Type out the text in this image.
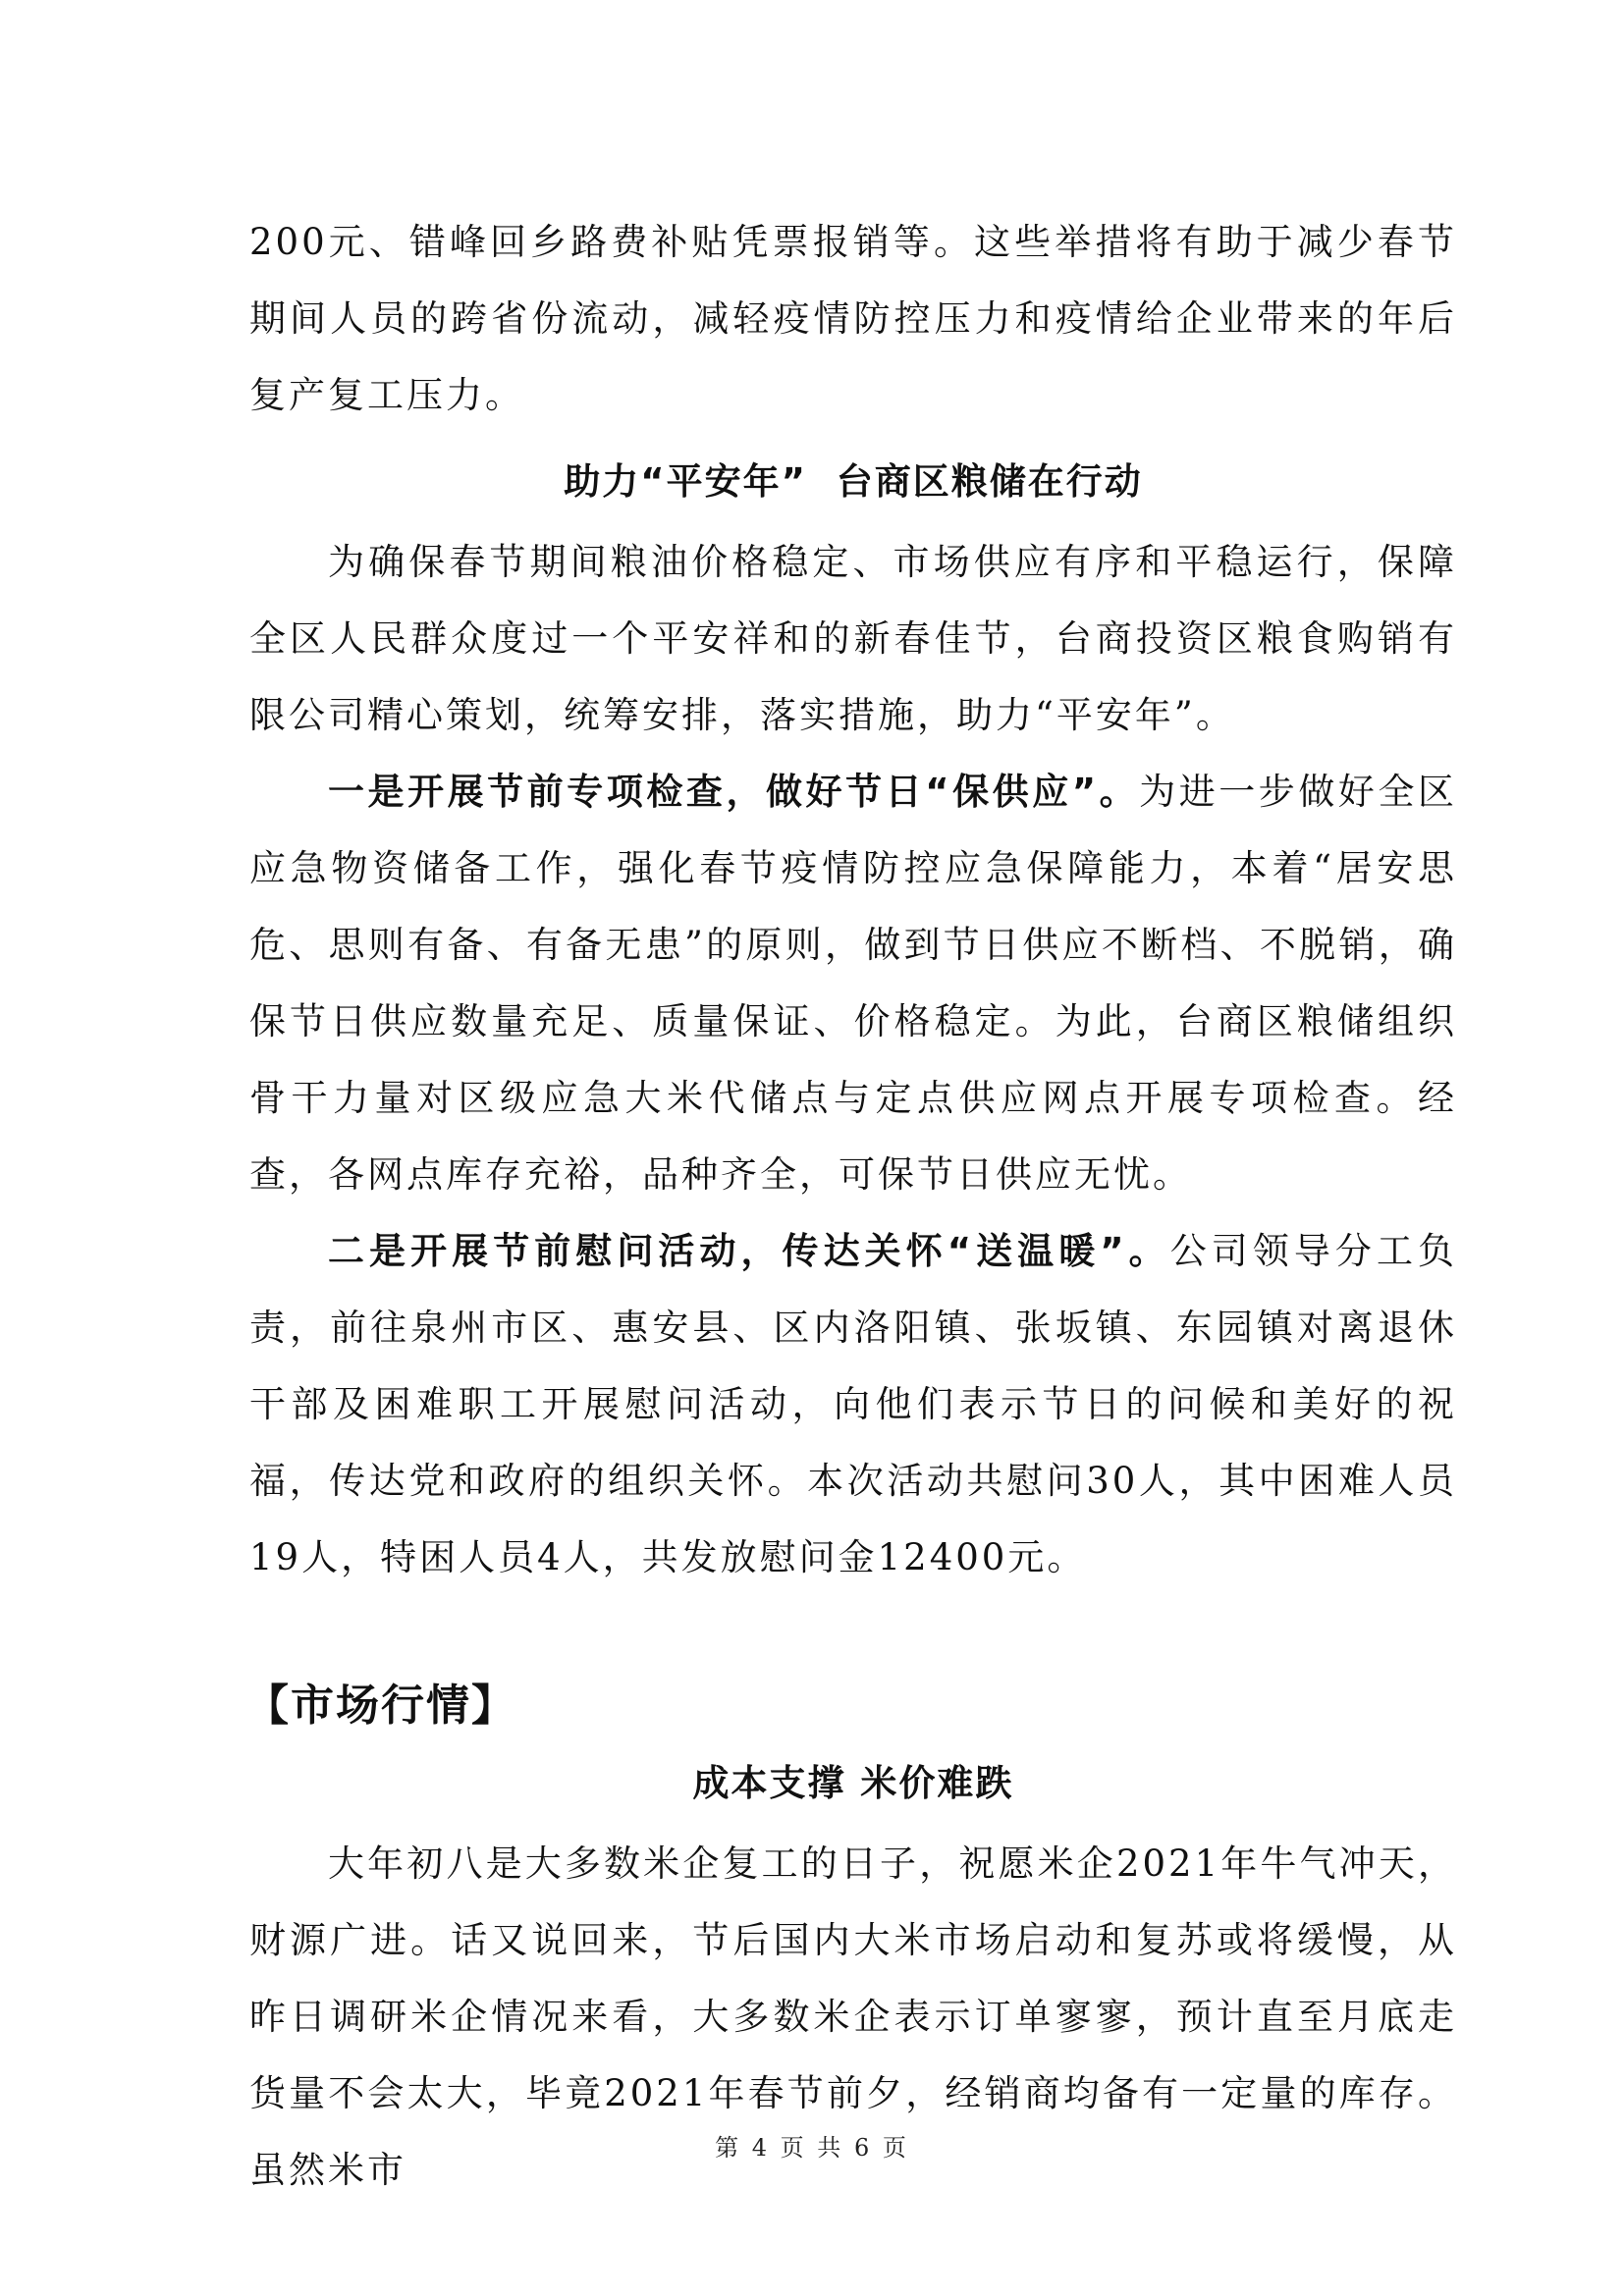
200元、错峰回乡路费补贴凭票报销等。这些举措将有助于减少春节期间人员的跨省份流动，减轻疫情防控压力和疫情给企业带来的年后复产复工压力。

助力“平安年”  台商区粮储在行动

为确保春节期间粮油价格稳定、市场供应有序和平稳运行，保障全区人民群众度过一个平安祥和的新春佳节，台商投资区粮食购销有限公司精心策划，统筹安排，落实措施，助力“平安年”。

一是开展节前专项检查，做好节日“保供应”。为进一步做好全区应急物资储备工作，强化春节疫情防控应急保障能力，本着“居安思危、思则有备、有备无患”的原则，做到节日供应不断档、不脱销，确保节日供应数量充足、质量保证、价格稳定。为此，台商区粮储组织骨干力量对区级应急大米代储点与定点供应网点开展专项检查。经查，各网点库存充裕，品种齐全，可保节日供应无忧。

二是开展节前慰问活动，传达关怀“送温暖”。公司领导分工负责，前往泉州市区、惠安县、区内洛阳镇、张坂镇、东园镇对离退休干部及困难职工开展慰问活动，向他们表示节日的问候和美好的祝福，传达党和政府的组织关怀。本次活动共慰问30人，其中困难人员19人，特困人员4人，共发放慰问金12400元。

【市场行情】
成本支撑 米价难跌

大年初八是大多数米企复工的日子，祝愿米企2021年牛气冲天，财源广进。话又说回来，节后国内大米市场启动和复苏或将缓慢，从昨日调研米企情况来看，大多数米企表示订单寥寥，预计直至月底走货量不会太大，毕竟2021年春节前夕，经销商均备有一定量的库存。虽然米市

第 4 页 共 6 页
